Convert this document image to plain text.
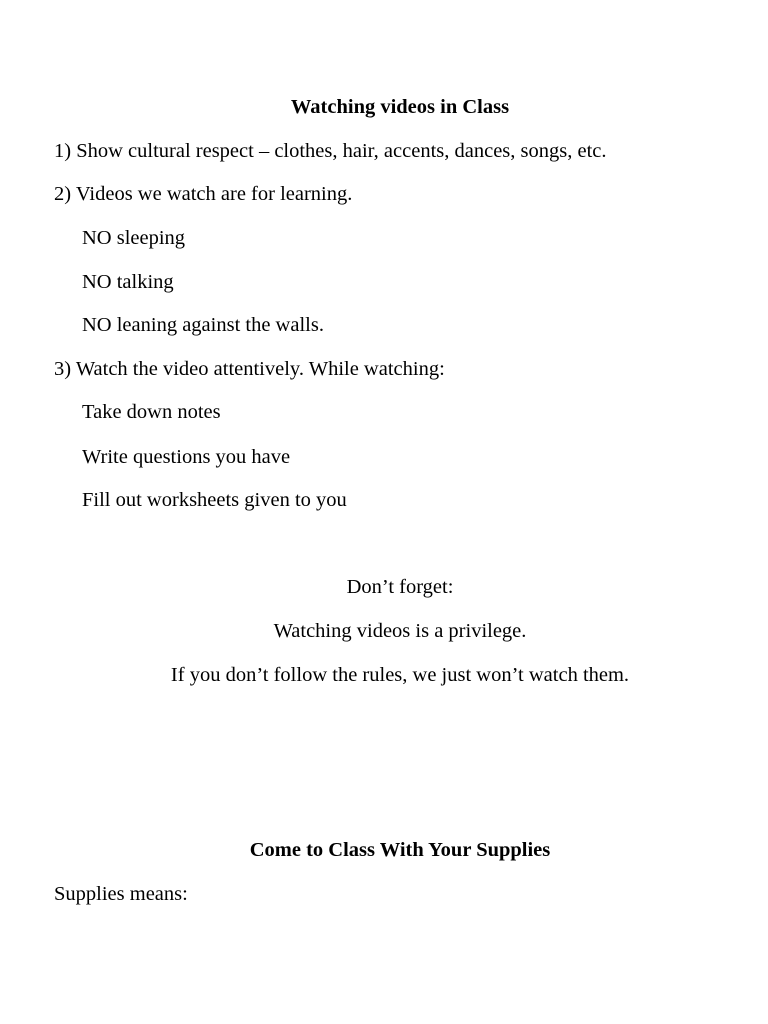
Watching videos in Class
1) Show cultural respect – clothes, hair, accents, dances, songs, etc.
2) Videos we watch are for learning.
NO sleeping
NO talking
NO leaning against the walls.
3) Watch the video attentively. While watching:
Take down notes
Write questions you have
Fill out worksheets given to you
Don’t forget:
Watching videos is a privilege.
If you don’t follow the rules, we just won’t watch them.
Come to Class With Your Supplies
Supplies means:
